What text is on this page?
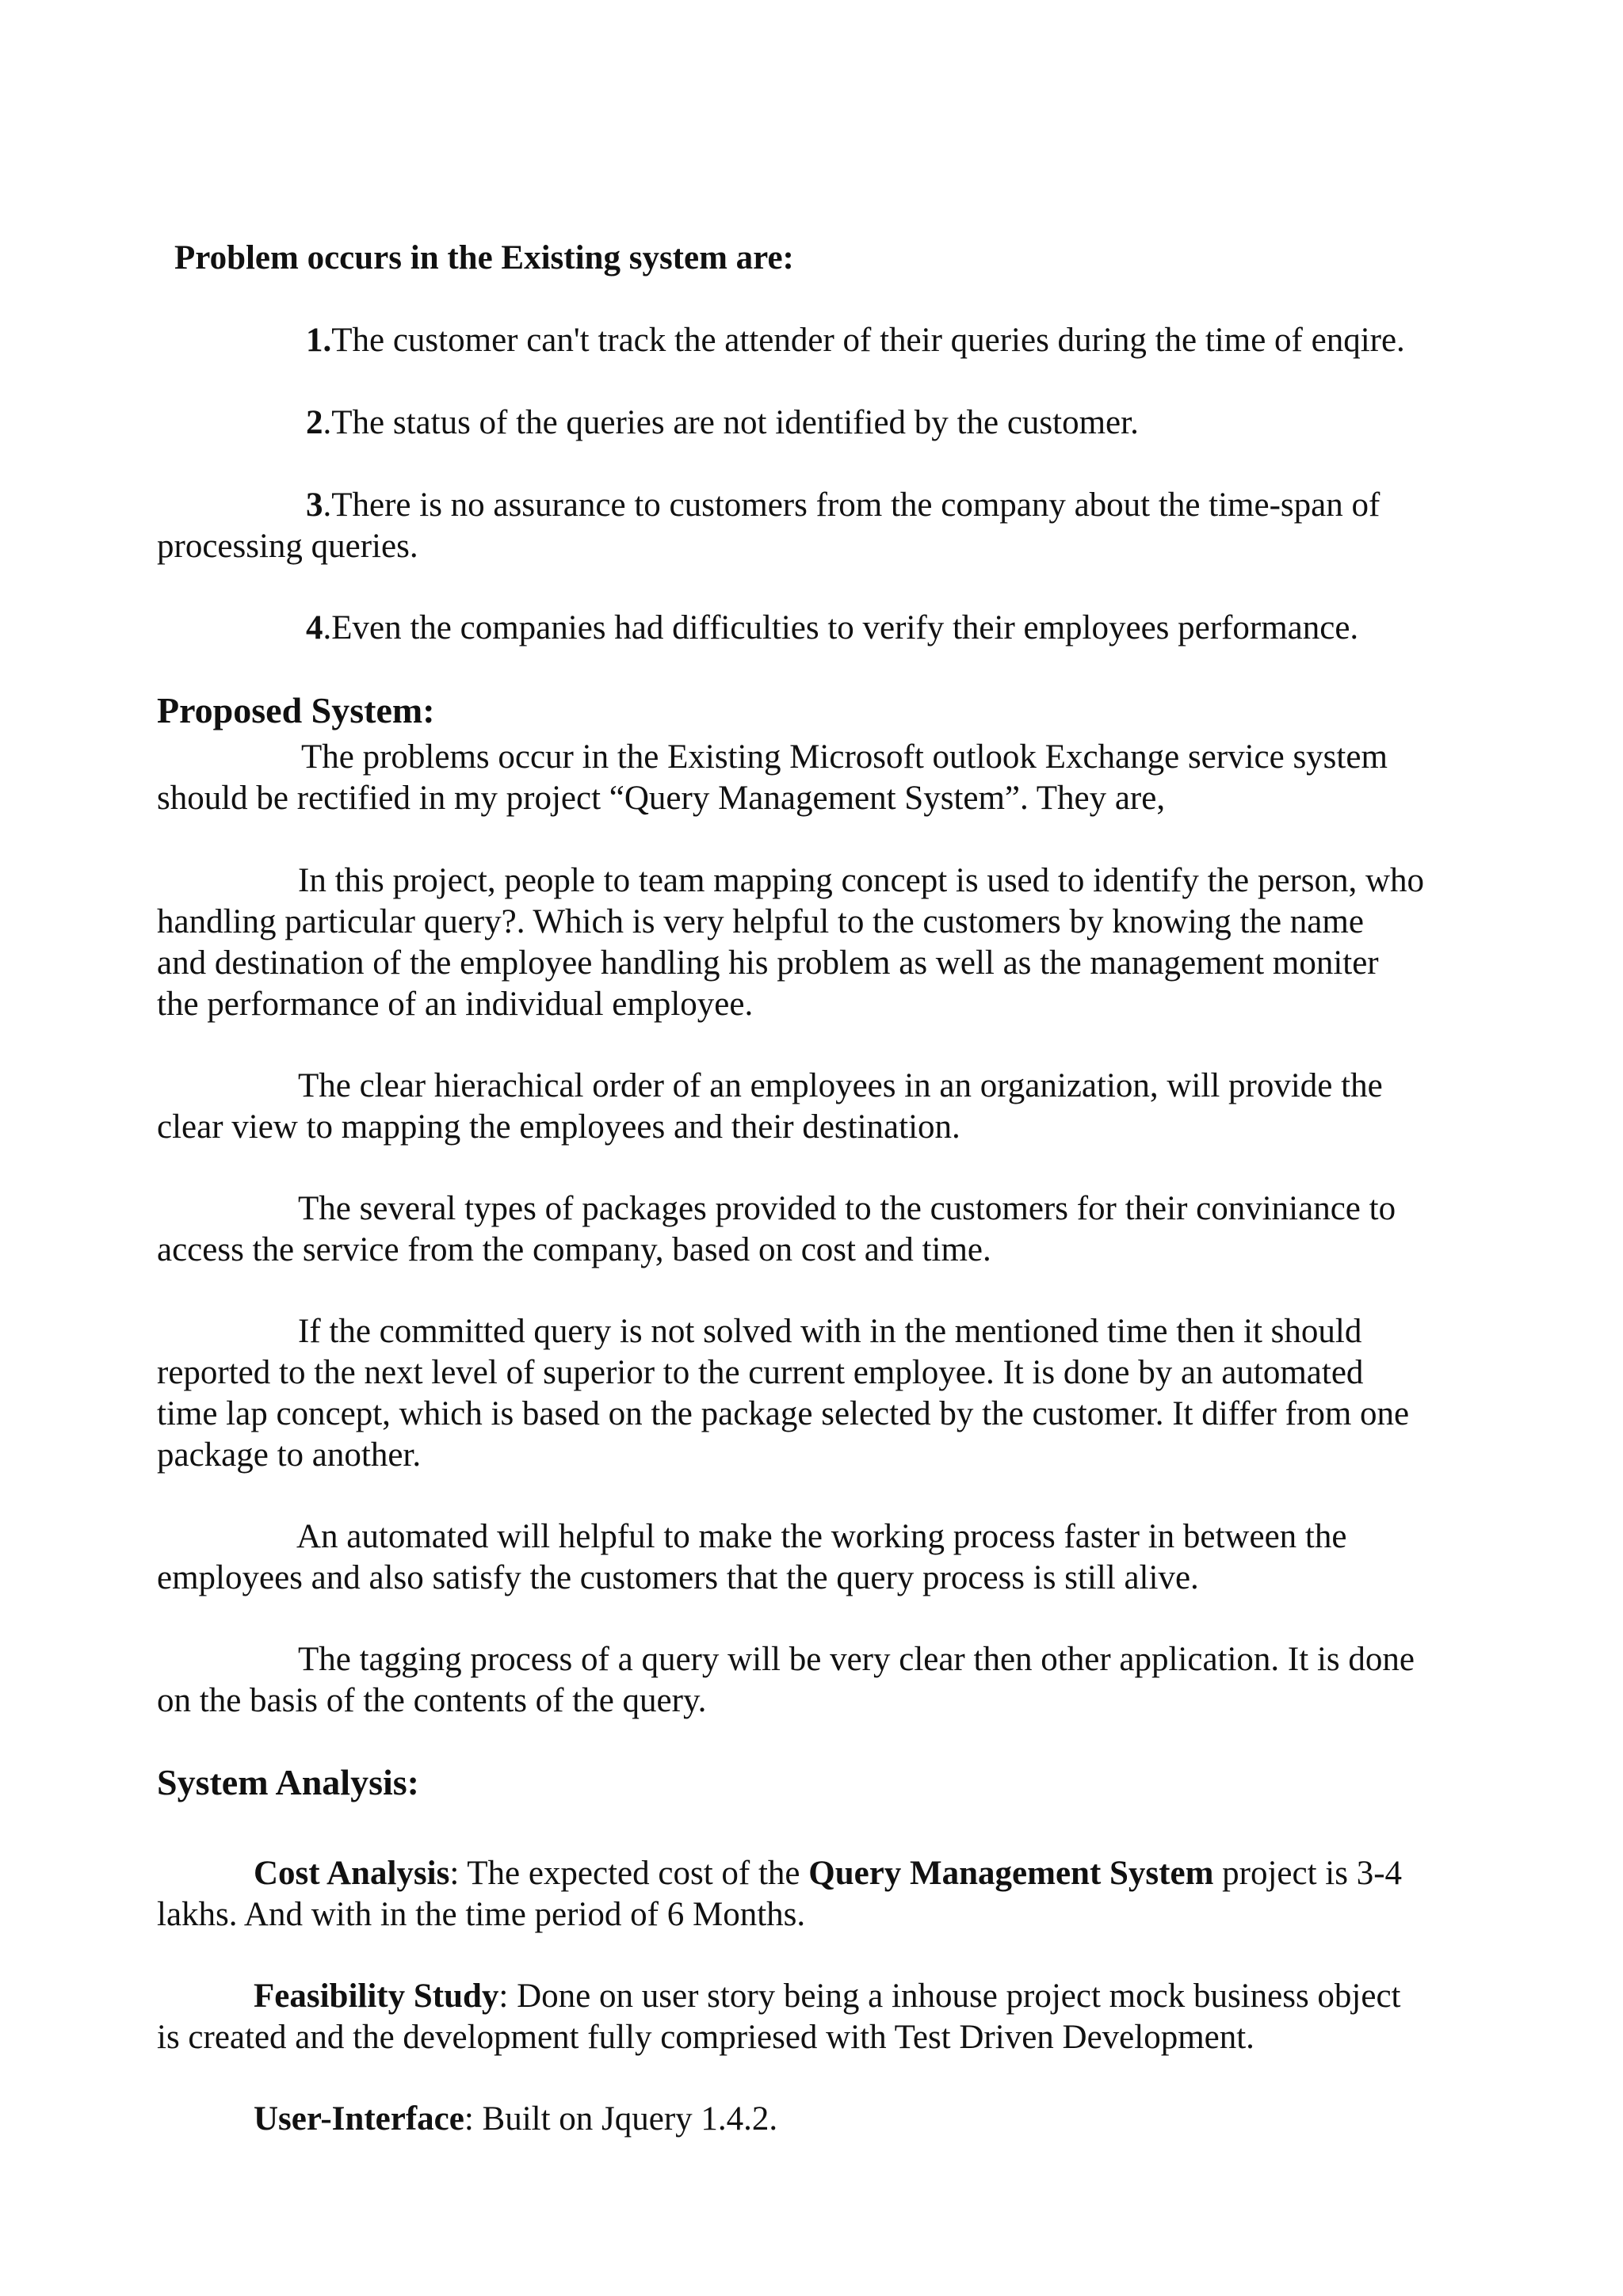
Problem occurs in the Existing system are:
1.The customer can't track the attender of their queries during the time of enqire.
2.The status of the queries are not identified by the customer.
3.There is no assurance to customers from the company about the time-span of
processing queries.
4.Even the companies had difficulties to verify their employees performance.
Proposed System:
The problems occur in the Existing Microsoft outlook Exchange service system
should be rectified in my project “Query Management System”. They are,
In this project, people to team mapping concept is used to identify the person, who
handling particular query?. Which is very helpful to the customers by knowing the name
and destination of the employee handling his problem as well as the management moniter
the performance of an individual employee.
The clear hierachical order of an employees in an organization, will provide the
clear view to mapping the employees and their destination.
The several types of packages provided to the customers for their conviniance to
access the service from the company, based on cost and time.
If the committed query is not solved with in the mentioned time then it should
reported to the next level of superior to the current employee. It is done by an automated
time lap concept, which is based on the package selected by the customer. It differ from one
package to another.
An automated will helpful to make the working process faster in between the
employees and also satisfy the customers that the query process is still alive.
The tagging process of a query will be very clear then other application. It is done
on the basis of the contents of the query.
System Analysis:
Cost Analysis: The expected cost of the Query Management System project is 3-4
lakhs. And with in the time period of 6 Months.
Feasibility Study: Done on user story being a inhouse project mock business object
is created and the development fully compriesed with Test Driven Development.
User-Interface: Built on Jquery 1.4.2.
